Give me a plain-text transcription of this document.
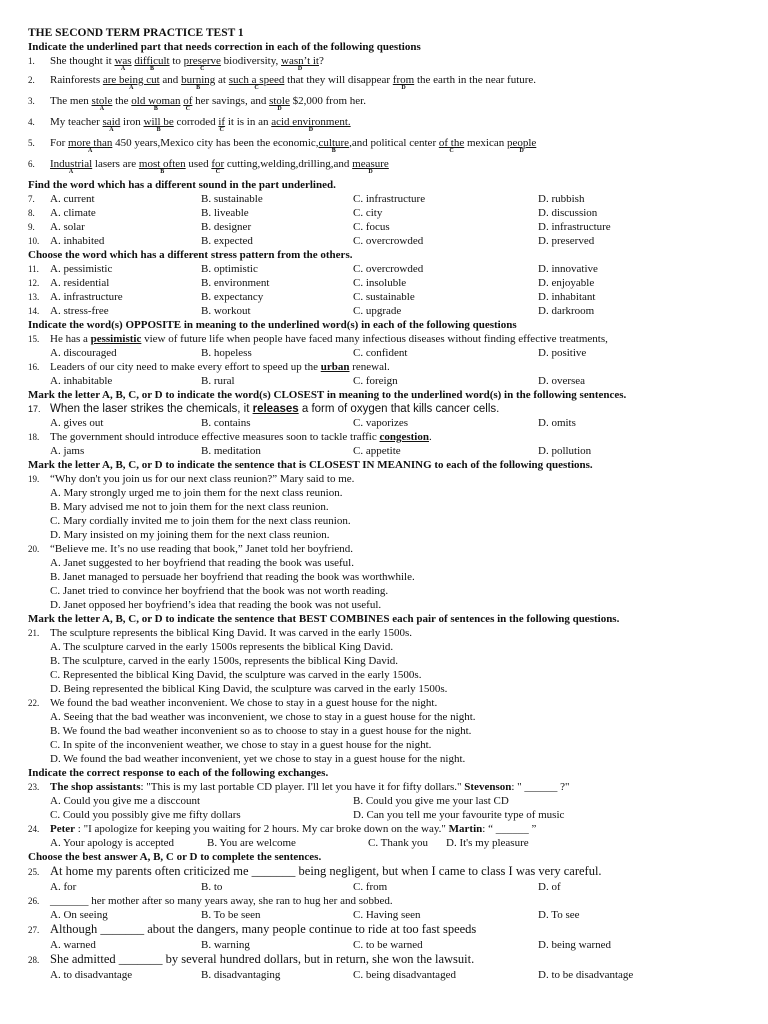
THE SECOND TERM PRACTICE TEST 1
Indicate the underlined part that needs correction in each of the following questions
1. She thought it was
A
difficult
B
to preserve
C
biodiversity, wasn’t it
D
?
2. Rainforests are being cut
A
and burning
B
at such a speed
C
that they will disappear from
D
the earth in the near future.
3. The men stole
A
the old woman
B
of
C
her savings, and stole
D
$2,000 from her.
4. My teacher said
A
iron will be
B
corroded if
C
it is in an acid environment.
D
5. For more than
A
450 years,Mexico city has been the economic,culture
B
,and political center of the
C
mexican people
D
6. Industrial
A
lasers are most often
B
used for
C
cutting,welding,drilling,and measure
D
Find the word which has a different sound in the part underlined.
7. A. current	B. sustainable	C. infrastructure	D. rubbish
8. A. climate	B. liveable	C. city	D. discussion
9. A. solar	B. designer	C. focus	D. infrastructure
10. A. inhabited	B. expected	C. overcrowded	D. preserved
Choose the word which has a different stress pattern from the others.
11. A. pessimistic	B. optimistic	C. overcrowded	D. innovative
12. A. residential	B. environment	C. insoluble	D. enjoyable
13. A. infrastructure	B. expectancy	C. sustainable	D. inhabitant
14. A. stress-free	B. workout	C. upgrade	D. darkroom
Indicate the word(s) OPPOSITE in meaning to the underlined word(s) in each of the following questions
15. He has a pessimistic view of future life when people have faced many infectious diseases without finding effective treatments,
A. discouraged	B. hopeless	C. confident	D. positive
16. Leaders of our city need to make every effort to speed up the urban renewal.
A. inhabitable	B. rural	C. foreign	D. oversea
Mark the letter A, B, C, or D to indicate the word(s) CLOSEST in meaning to the underlined word(s) in the following sentences.
17. When the laser strikes the chemicals, it releases a form of oxygen that kills cancer cells.
A. gives out	B. contains	C. vaporizes	D. omits
18. The government should introduce effective measures soon to tackle traffic congestion.
A. jams	B. meditation	C. appetite	D. pollution
Mark the letter A, B, C, or D to indicate the sentence that is CLOSEST IN MEANING to each of the following questions.
19. “Why don't you join us for our next class reunion?” Mary said to me.
A. Mary strongly urged me to join them for the next class reunion.
B. Mary advised me not to join them for the next class reunion.
C. Mary cordially invited me to join them for the next class reunion.
D. Mary insisted on my joining them for the next class reunion.
20. “Believe me. It’s no use reading that book,” Janet told her boyfriend.
A. Janet suggested to her boyfriend that reading the book was useful.
B. Janet managed to persuade her boyfriend that reading the book was worthwhile.
C. Janet tried to convince her boyfriend that the book was not worth reading.
D. Janet opposed her boyfriend’s idea that reading the book was not useful.
Mark the letter A, B, C, or D to indicate the sentence that BEST COMBINES each pair of sentences in the following questions.
21. The sculpture represents the biblical King David. It was carved in the early 1500s.
A. The sculpture carved in the early 1500s represents the biblical King David.
B. The sculpture, carved in the early 1500s, represents the biblical King David.
C. Represented the biblical King David, the sculpture was carved in the early 1500s.
D. Being represented the biblical King David, the sculpture was carved in the early 1500s.
22. We found the bad weather inconvenient. We chose to stay in a guest house for the night.
A. Seeing that the bad weather was inconvenient, we chose to stay in a guest house for the night.
B. We found the bad weather inconvenient so as to choose to stay in a guest house for the night.
C. In spite of the inconvenient weather, we chose to stay in a guest house for the night.
D. We found the bad weather inconvenient, yet we chose to stay in a guest house for the night.
Indicate the correct response to each of the following exchanges.
23. The shop assistants: "This is my last portable CD player. I'll let you have it for fifty dollars." Stevenson: " ______ ?"
A. Could you give me a disccount	B. Could you give me your last CD
C. Could you possibly give me fifty dollars	D. Can you tell me your favourite type of music
24. Peter : "I apologize for keeping you waiting for 2 hours. My car broke down on the way." Martin: “ ______ ”
A. Your apology is accepted	B. You are welcome	C. Thank you D. It's my pleasure
Choose the best answer A, B, C or D to complete the sentences.
25. At home my parents often criticized me _______ being negligent, but when I came to class I was very careful.
A. for	B. to	C. from	D. of
26. _______ her mother after so many years away, she ran to hug her and sobbed.
A. On seeing	B. To be seen	C. Having seen	D. To see
27. Although _______ about the dangers, many people continue to ride at too fast speeds
A. warned	B. warning	C. to be warned	D. being warned
28. She admitted _______ by several hundred dollars, but in return, she won the lawsuit.
A. to disadvantage	B. disadvantaging	C. being disadvantaged	D. to be disadvantage
